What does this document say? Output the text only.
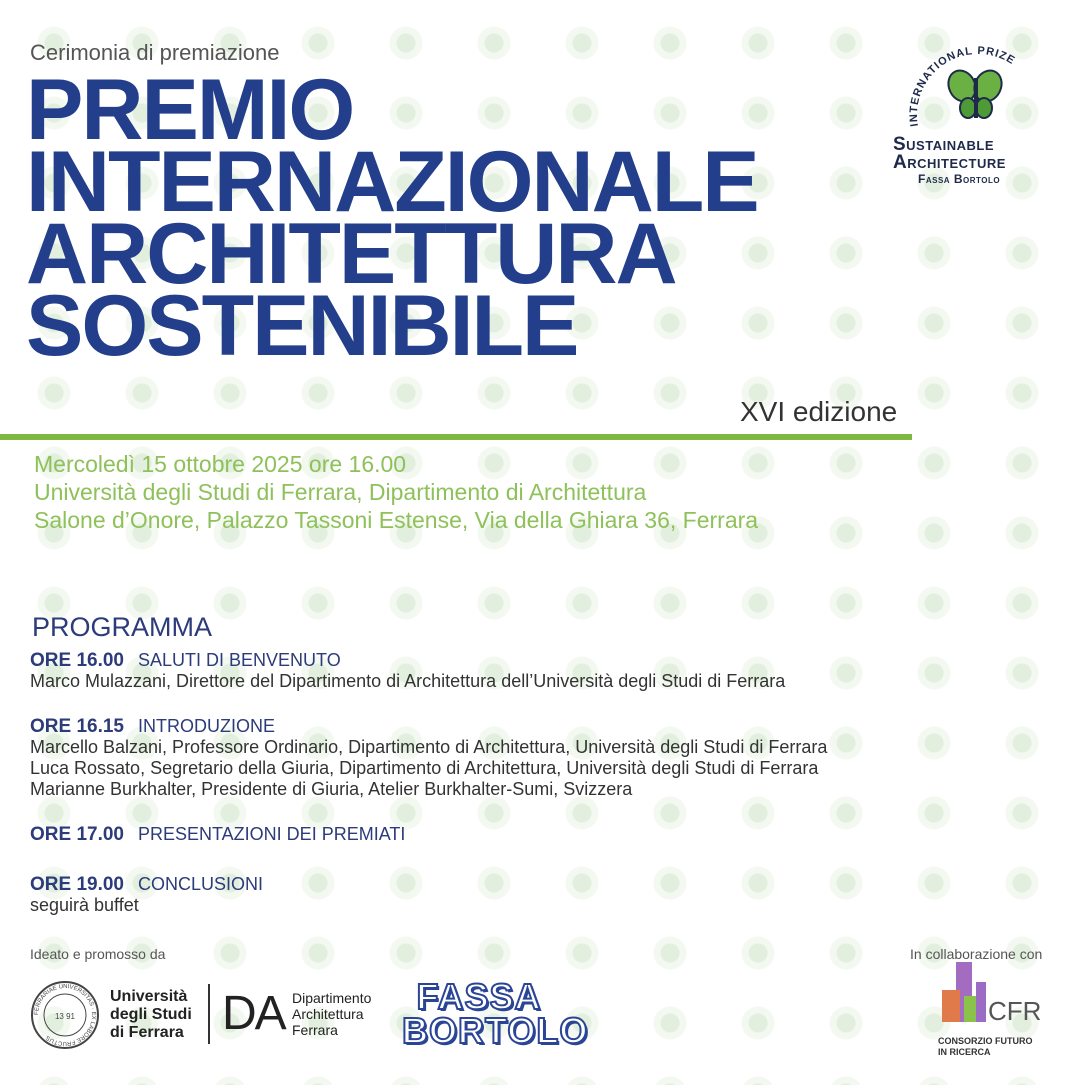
Cerimonia di premiazione
PREMIO
INTERNAZIONALE
ARCHITETTURA
SOSTENIBILE
XVI edizione
INTERNATIONAL PRIZE
Sustainable
Architecture
Fassa Bortolo
Mercoledì 15 ottobre 2025 ore 16.00
Università degli Studi di Ferrara, Dipartimento di Architettura
Salone d’Onore, Palazzo Tassoni Estense, Via della Ghiara 36, Ferrara
PROGRAMMA
ORE 16.00 SALUTI DI BENVENUTO
Marco Mulazzani, Direttore del Dipartimento di Architettura dell’Università degli Studi di Ferrara
ORE 16.15 INTRODUZIONE
Marcello Balzani, Professore Ordinario, Dipartimento di Architettura, Università degli Studi di Ferrara
Luca Rossato, Segretario della Giuria, Dipartimento di Architettura, Università degli Studi di Ferrara
Marianne Burkhalter, Presidente di Giuria, Atelier Burkhalter-Sumi, Svizzera
ORE 17.00 PRESENTAZIONI DEI PREMIATI
ORE 19.00 CONCLUSIONI
seguirà buffet
Ideato e promosso da	In collaborazione con
FERRARIAE UNIVERSITAS · EX LABORE FRUCTUS
13 91
Università
degli Studi
di Ferrara DA Dipartimento
Architettura
Ferrara
FASSA
BORTOLO	CFR
CONSORZIO FUTURO
IN RICERCA
